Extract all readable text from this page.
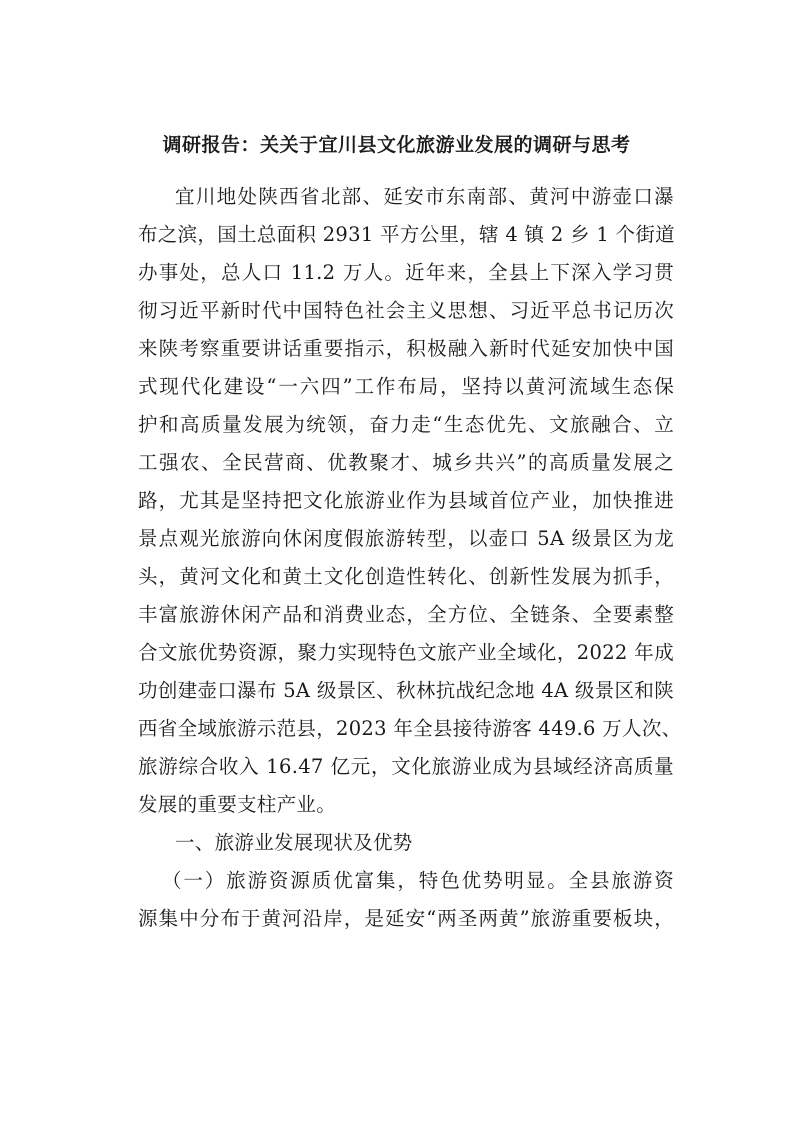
调研报告：关关于宜川县文化旅游业发展的调研与思考
宜川地处陕西省北部、延安市东南部、黄河中游壶口瀑
布之滨，国土总面积 2931 平方公里，辖 4 镇 2 乡 1 个街道
办事处，总人口 11.2 万人。近年来，全县上下深入学习贯
彻习近平新时代中国特色社会主义思想、习近平总书记历次
来陕考察重要讲话重要指示，积极融入新时代延安加快中国
式现代化建设“一六四”工作布局，坚持以黄河流域生态保
护和高质量发展为统领，奋力走“生态优先、文旅融合、立
工强农、全民营商、优教聚才、城乡共兴”的高质量发展之
路，尤其是坚持把文化旅游业作为县域首位产业，加快推进
景点观光旅游向休闲度假旅游转型，以壶口 5A 级景区为龙
头，黄河文化和黄土文化创造性转化、创新性发展为抓手，
丰富旅游休闲产品和消费业态，全方位、全链条、全要素整
合文旅优势资源，聚力实现特色文旅产业全域化，2022 年成
功创建壶口瀑布 5A 级景区、秋林抗战纪念地 4A 级景区和陕
西省全域旅游示范县，2023 年全县接待游客 449.6 万人次、
旅游综合收入 16.47 亿元，文化旅游业成为县域经济高质量
发展的重要支柱产业。
一、旅游业发展现状及优势
（一）旅游资源质优富集，特色优势明显。全县旅游资
源集中分布于黄河沿岸，是延安“两圣两黄”旅游重要板块，
